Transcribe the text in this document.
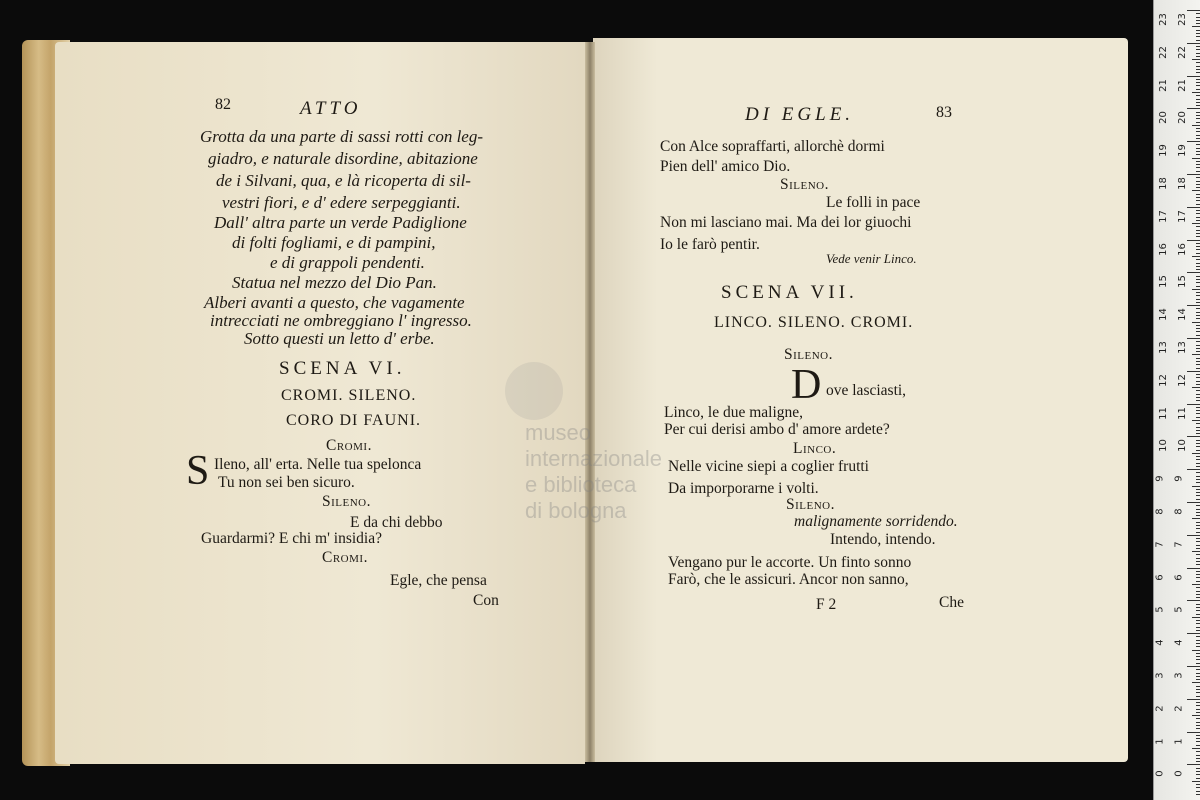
82	ATTO
Grotta da una parte di sassi rotti con leg-
giadro, e naturale disordine, abitazione
de i Silvani, qua, e là ricoperta di sil-
vestri fiori, e d' edere serpeggianti.
Dall' altra parte un verde Padiglione
di folti fogliami, e di pampini,
e di grappoli pendenti.
Statua nel mezzo del Dio Pan.
Alberi avanti a questo, che vagamente
intrecciati ne ombreggiano l' ingresso.
Sotto questi un letto d' erbe.
SCENA VI.
CROMI. SILENO.
CORO DI FAUNI.
Cromi.
S Ileno, all' erta. Nelle tua spelonca
Tu non sei ben sicuro.
Sileno.
E da chi debbo
Guardarmi? E chi m' insidia?
Cromi.
Egle, che pensa
Con
DI EGLE.	83
Con Alce sopraffarti, allorchè dormi
Pien dell' amico Dio.
Sileno.
Le folli in pace
Non mi lasciano mai. Ma dei lor giuochi
Io le farò pentir.
Vede venir Linco.
SCENA VII.
LINCO. SILENO. CROMI.
Sileno.
D ove lasciasti,
Linco, le due maligne,
Per cui derisi ambo d' amore ardete?
Linco.
Nelle vicine siepi a coglier frutti
Da imporporarne i volti.
Sileno.
malignamente sorridendo.
Intendo, intendo.
Vengano pur le accorte. Un finto sonno
Farò, che le assicuri. Ancor non sanno,
F 2	Che
museo internazionale
e biblioteca
di bologna
23 23
22 22
21 21
20 20
19 19
18 18
17 17
16 16
15 15
14 14
13 13
12 12
11 11
10 10
9 9
8 8
7 7
6 6
5 5
4 4
3 3
2 2
1 1
0 0
